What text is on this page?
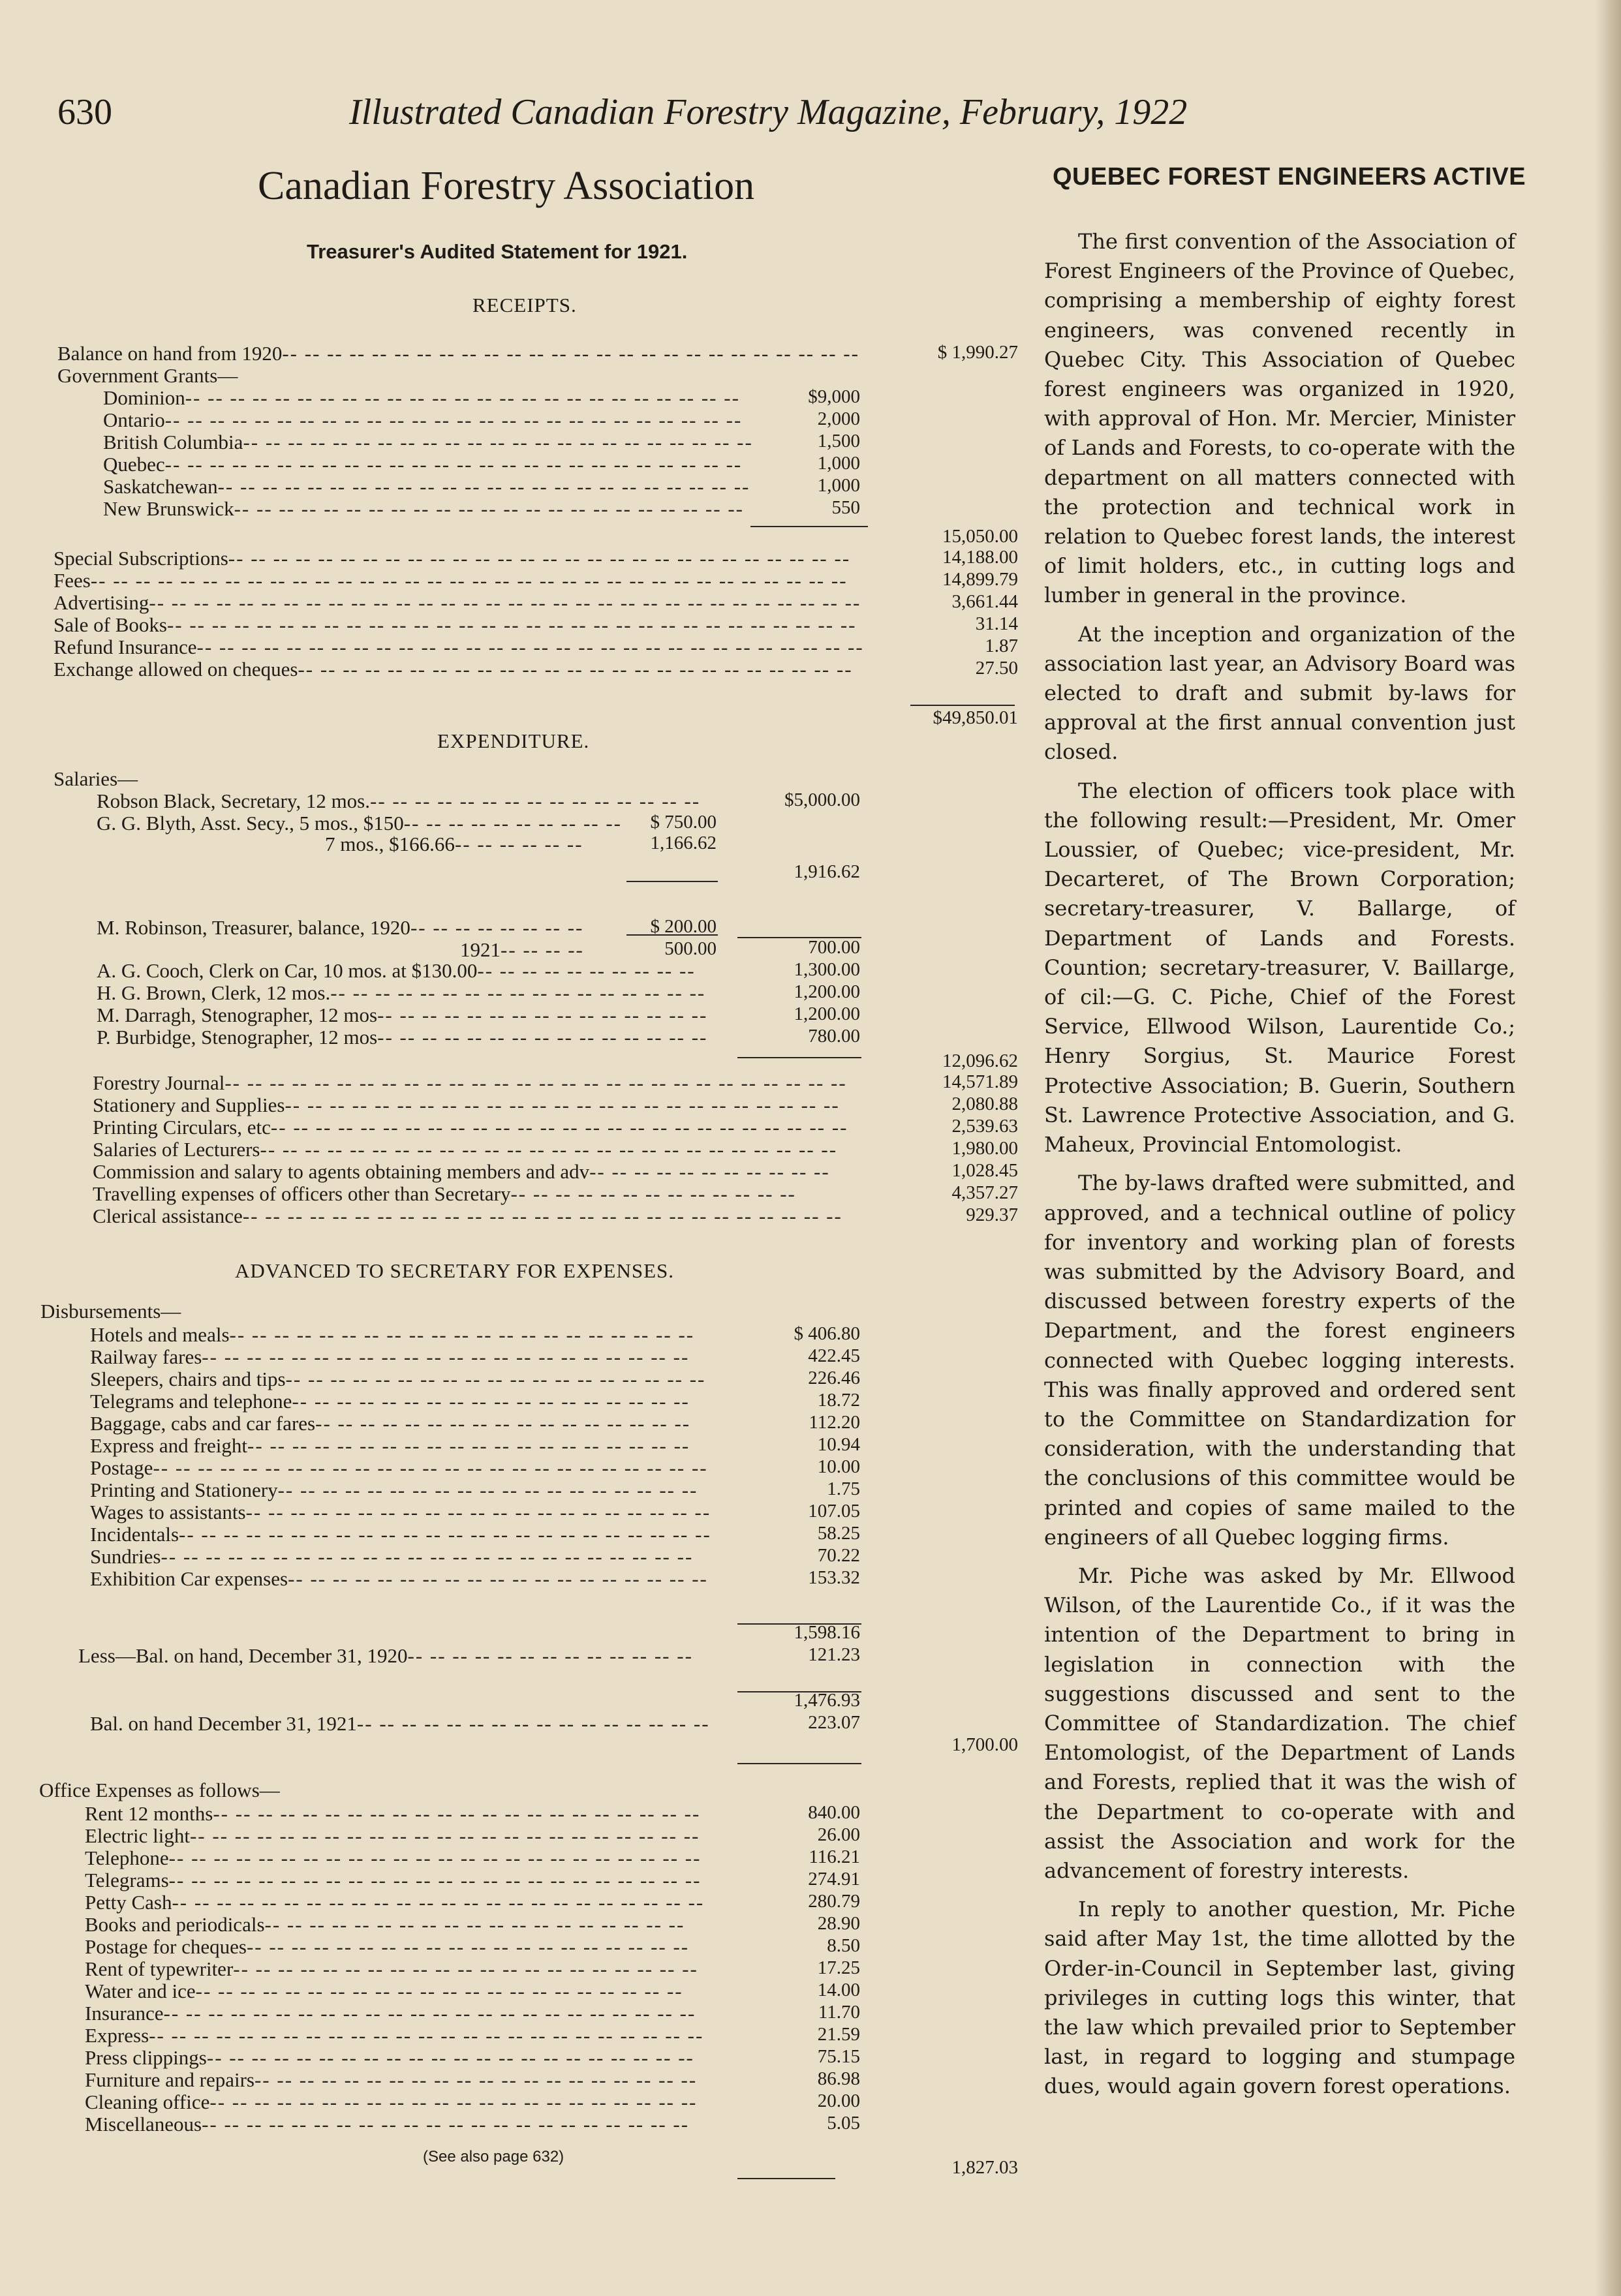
630	Illustrated Canadian Forestry Magazine, February, 1922
Canadian Forestry Association
Treasurer's Audited Statement for 1921.
RECEIPTS.
EXPENDITURE.
ADVANCED TO SECRETARY FOR EXPENSES.
Balance on hand from 1920-- -- -- -- -- -- -- -- -- -- -- -- -- -- -- -- -- -- -- -- -- -- -- -- -- --	$ 1,990.27
Government Grants—
Dominion-- -- -- -- -- -- -- -- -- -- -- -- -- -- -- -- -- -- -- -- -- -- -- -- --	$9,000
Ontario-- -- -- -- -- -- -- -- -- -- -- -- -- -- -- -- -- -- -- -- -- -- -- -- -- --	2,000
British Columbia-- -- -- -- -- -- -- -- -- -- -- -- -- -- -- -- -- -- -- -- -- -- --	1,500
Quebec-- -- -- -- -- -- -- -- -- -- -- -- -- -- -- -- -- -- -- -- -- -- -- -- -- --	1,000
Saskatchewan-- -- -- -- -- -- -- -- -- -- -- -- -- -- -- -- -- -- -- -- -- -- -- --	1,000
New Brunswick-- -- -- -- -- -- -- -- -- -- -- -- -- -- -- -- -- -- -- -- -- -- --	550
15,050.00
Special Subscriptions-- -- -- -- -- -- -- -- -- -- -- -- -- -- -- -- -- -- -- -- -- -- -- -- -- -- -- --	14,188.00
Fees-- -- -- -- -- -- -- -- -- -- -- -- -- -- -- -- -- -- -- -- -- -- -- -- -- -- -- -- -- -- -- -- -- --	14,899.79
Advertising-- -- -- -- -- -- -- -- -- -- -- -- -- -- -- -- -- -- -- -- -- -- -- -- -- -- -- -- -- -- -- --	3,661.44
Sale of Books-- -- -- -- -- -- -- -- -- -- -- -- -- -- -- -- -- -- -- -- -- -- -- -- -- -- -- -- -- -- --	31.14
Refund Insurance-- -- -- -- -- -- -- -- -- -- -- -- -- -- -- -- -- -- -- -- -- -- -- -- -- -- -- -- -- --	1.87
Exchange allowed on cheques-- -- -- -- -- -- -- -- -- -- -- -- -- -- -- -- -- -- -- -- -- -- -- -- --	27.50
$49,850.01
Salaries—
Robson Black, Secretary, 12 mos.-- -- -- -- -- -- -- -- -- -- -- -- -- -- --	$5,000.00
G. G. Blyth, Asst. Secy., 5 mos., $150-- -- -- -- -- -- -- -- -- -- $ 750.00
7 mos., $166.66-- -- -- -- -- --	1,166.62
1,916.62
M. Robinson, Treasurer, balance, 1920-- -- -- -- -- -- -- --	$ 200.00
1921-- -- -- --	500.00	700.00
A. G. Cooch, Clerk on Car, 10 mos. at $130.00-- -- -- -- -- -- -- -- -- --	1,300.00
H. G. Brown, Clerk, 12 mos.-- -- -- -- -- -- -- -- -- -- -- -- -- -- -- -- --	1,200.00
M. Darragh, Stenographer, 12 mos-- -- -- -- -- -- -- -- -- -- -- -- -- -- --	1,200.00
P. Burbidge, Stenographer, 12 mos-- -- -- -- -- -- -- -- -- -- -- -- -- -- --	780.00
12,096.62
Forestry Journal-- -- -- -- -- -- -- -- -- -- -- -- -- -- -- -- -- -- -- -- -- -- -- -- -- -- -- --	14,571.89
Stationery and Supplies-- -- -- -- -- -- -- -- -- -- -- -- -- -- -- -- -- -- -- -- -- -- -- -- --	2,080.88
Printing Circulars, etc-- -- -- -- -- -- -- -- -- -- -- -- -- -- -- -- -- -- -- -- -- -- -- -- -- --	2,539.63
Salaries of Lecturers-- -- -- -- -- -- -- -- -- -- -- -- -- -- -- -- -- -- -- -- -- -- -- -- -- --	1,980.00
Commission and salary to agents obtaining members and adv-- -- -- -- -- -- -- -- -- -- --	1,028.45
Travelling expenses of officers other than Secretary-- -- -- -- -- -- -- -- -- -- -- -- --	4,357.27
Clerical assistance-- -- -- -- -- -- -- -- -- -- -- -- -- -- -- -- -- -- -- -- -- -- -- -- -- -- --	929.37
Disbursements—
Hotels and meals-- -- -- -- -- -- -- -- -- -- -- -- -- -- -- -- -- -- -- -- --	$ 406.80
Railway fares-- -- -- -- -- -- -- -- -- -- -- -- -- -- -- -- -- -- -- -- -- --	422.45
Sleepers, chairs and tips-- -- -- -- -- -- -- -- -- -- -- -- -- -- -- -- -- -- --	226.46
Telegrams and telephone-- -- -- -- -- -- -- -- -- -- -- -- -- -- -- -- -- --	18.72
Baggage, cabs and car fares-- -- -- -- -- -- -- -- -- -- -- -- -- -- -- -- --	112.20
Express and freight-- -- -- -- -- -- -- -- -- -- -- -- -- -- -- -- -- -- -- --	10.94
Postage-- -- -- -- -- -- -- -- -- -- -- -- -- -- -- -- -- -- -- -- -- -- -- -- --	10.00
Printing and Stationery-- -- -- -- -- -- -- -- -- -- -- -- -- -- -- -- -- -- --	1.75
Wages to assistants-- -- -- -- -- -- -- -- -- -- -- -- -- -- -- -- -- -- -- -- --	107.05
Incidentals-- -- -- -- -- -- -- -- -- -- -- -- -- -- -- -- -- -- -- -- -- -- -- --	58.25
Sundries-- -- -- -- -- -- -- -- -- -- -- -- -- -- -- -- -- -- -- -- -- -- -- --	70.22
Exhibition Car expenses-- -- -- -- -- -- -- -- -- -- -- -- -- -- -- -- -- -- --	153.32
1,598.16
Less—Bal. on hand, December 31, 1920-- -- -- -- -- -- -- -- -- -- -- -- --	121.23
1,476.93
Bal. on hand December 31, 1921-- -- -- -- -- -- -- -- -- -- -- -- -- -- -- --	223.07
1,700.00
Office Expenses as follows—
Rent 12 months-- -- -- -- -- -- -- -- -- -- -- -- -- -- -- -- -- -- -- -- -- --	840.00
Electric light-- -- -- -- -- -- -- -- -- -- -- -- -- -- -- -- -- -- -- -- -- -- --	26.00
Telephone-- -- -- -- -- -- -- -- -- -- -- -- -- -- -- -- -- -- -- -- -- -- -- --	116.21
Telegrams-- -- -- -- -- -- -- -- -- -- -- -- -- -- -- -- -- -- -- -- -- -- -- --	274.91
Petty Cash-- -- -- -- -- -- -- -- -- -- -- -- -- -- -- -- -- -- -- -- -- -- -- --	280.79
Books and periodicals-- -- -- -- -- -- -- -- -- -- -- -- -- -- -- -- -- -- --	28.90
Postage for cheques-- -- -- -- -- -- -- -- -- -- -- -- -- -- -- -- -- -- -- --	8.50
Rent of typewriter-- -- -- -- -- -- -- -- -- -- -- -- -- -- -- -- -- -- -- -- --	17.25
Water and ice-- -- -- -- -- -- -- -- -- -- -- -- -- -- -- -- -- -- -- -- -- --	14.00
Insurance-- -- -- -- -- -- -- -- -- -- -- -- -- -- -- -- -- -- -- -- -- -- -- --	11.70
Express-- -- -- -- -- -- -- -- -- -- -- -- -- -- -- -- -- -- -- -- -- -- -- -- --	21.59
Press clippings-- -- -- -- -- -- -- -- -- -- -- -- -- -- -- -- -- -- -- -- -- --	75.15
Furniture and repairs-- -- -- -- -- -- -- -- -- -- -- -- -- -- -- -- -- -- -- --	86.98
Cleaning office-- -- -- -- -- -- -- -- -- -- -- -- -- -- -- -- -- -- -- -- -- --	20.00
Miscellaneous-- -- -- -- -- -- -- -- -- -- -- -- -- -- -- -- -- -- -- -- -- --	5.05
1,827.03
(See also page 632)
QUEBEC FOREST ENGINEERS ACTIVE

The first convention of the Association of Forest Engineers of the Province of Quebec, comprising a membership of eighty forest engineers, was convened recently in Quebec City. This Association of Quebec forest engineers was organized in 1920, with approval of Hon. Mr. Mercier, Minister of Lands and Forests, to co-operate with the department on all matters connected with the protection and technical work in relation to Quebec forest lands, the interest of limit holders, etc., in cutting logs and lumber in general in the province.

At the inception and organization of the association last year, an Advisory Board was elected to draft and submit by-laws for approval at the first annual convention just closed.

The election of officers took place with the following result:—President, Mr. Omer Loussier, of Quebec; vice-president, Mr. Decarteret, of The Brown Corporation; secretary-treasurer, V. Ballarge, of Department of Lands and Forests. Countion; secretary-treasurer, V. Baillarge, of cil:—G. C. Piche, Chief of the Forest Service, Ellwood Wilson, Laurentide Co.; Henry Sorgius, St. Maurice Forest Protective Association; B. Guerin, Southern St. Lawrence Protective Association, and G. Maheux, Provincial Entomologist.

The by-laws drafted were submitted, and approved, and a technical outline of policy for inventory and working plan of forests was submitted by the Advisory Board, and discussed between forestry experts of the Department, and the forest engineers connected with Quebec logging interests. This was finally approved and ordered sent to the Committee on Standardization for consideration, with the understanding that the conclusions of this committee would be printed and copies of same mailed to the engineers of all Quebec logging firms.

Mr. Piche was asked by Mr. Ellwood Wilson, of the Laurentide Co., if it was the intention of the Department to bring in legislation in connection with the suggestions discussed and sent to the Committee of Standardization. The chief Entomologist, of the Department of Lands and Forests, replied that it was the wish of the Department to co-operate with and assist the Association and work for the advancement of forestry interests.

In reply to another question, Mr. Piche said after May 1st, the time allotted by the Order-in-Council in September last, giving privileges in cutting logs this winter, that the law which prevailed prior to September last, in regard to logging and stumpage dues, would again govern forest operations.
